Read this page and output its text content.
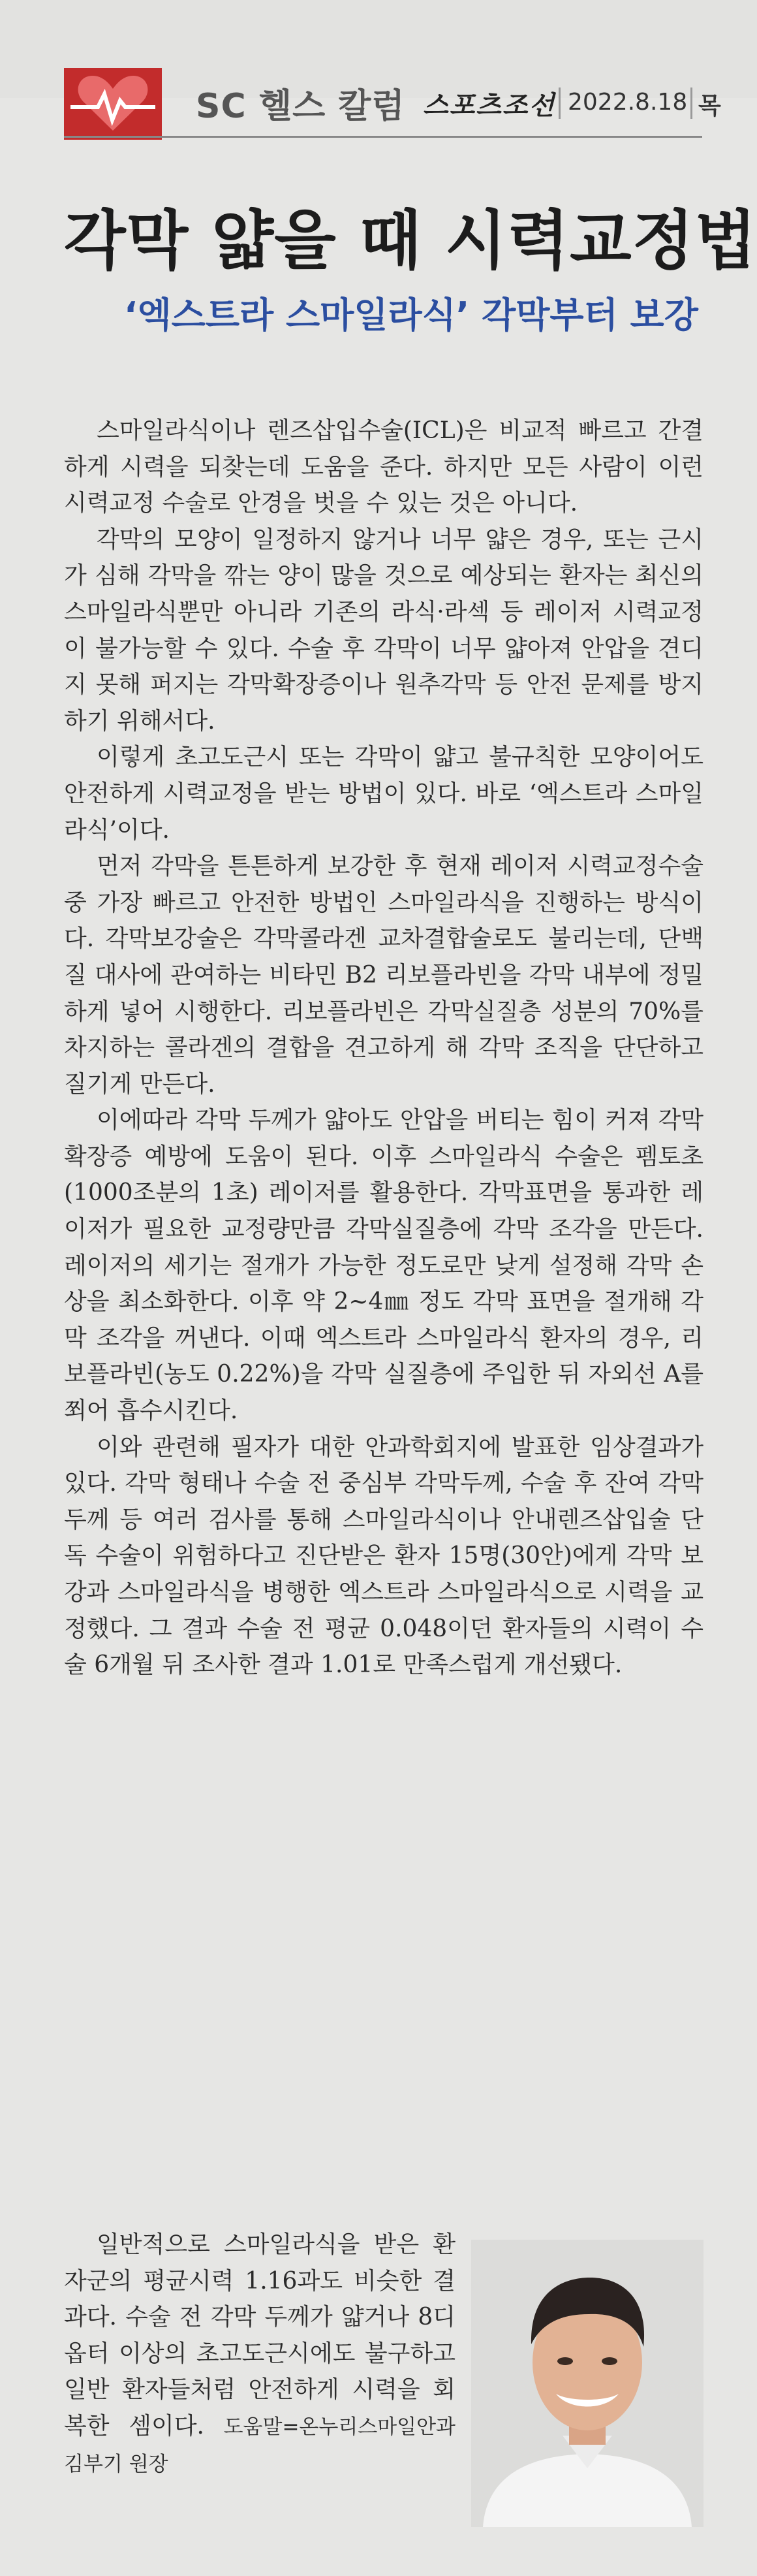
SC 헬스 칼럼 스포츠조선 2022.8.18 목
각막 얇을 때 시력교정법
‘엑스트라 스마일라식’ 각막부터 보강

스마일라식이나 렌즈삽입수술(ICL)은 비교적 빠르고 간결하게 시력을 되찾는데 도움을 준다. 하지만 모든 사람이 이런 시력교정 수술로 안경을 벗을 수 있는 것은 아니다.

각막의 모양이 일정하지 않거나 너무 얇은 경우, 또는 근시가 심해 각막을 깎는 양이 많을 것으로 예상되는 환자는 최신의 스마일라식뿐만 아니라 기존의 라식·라섹 등 레이저 시력교정이 불가능할 수 있다. 수술 후 각막이 너무 얇아져 안압을 견디지 못해 퍼지는 각막확장증이나 원추각막 등 안전 문제를 방지하기 위해서다.

이렇게 초고도근시 또는 각막이 얇고 불규칙한 모양이어도 안전하게 시력교정을 받는 방법이 있다. 바로 ‘엑스트라 스마일라식’이다.

먼저 각막을 튼튼하게 보강한 후 현재 레이저 시력교정수술 중 가장 빠르고 안전한 방법인 스마일라식을 진행하는 방식이다. 각막보강술은 각막콜라겐 교차결합술로도 불리는데, 단백질 대사에 관여하는 비타민 B2 리보플라빈을 각막 내부에 정밀하게 넣어 시행한다. 리보플라빈은 각막실질층 성분의 70%를 차지하는 콜라겐의 결합을 견고하게 해 각막 조직을 단단하고 질기게 만든다.

이에따라 각막 두께가 얇아도 안압을 버티는 힘이 커져 각막 확장증 예방에 도움이 된다. 이후 스마일라식 수술은 펨토초(1000조분의 1초) 레이저를 활용한다. 각막표면을 통과한 레이저가 필요한 교정량만큼 각막실질층에 각막 조각을 만든다. 레이저의 세기는 절개가 가능한 정도로만 낮게 설정해 각막 손상을 최소화한다. 이후 약 2~4㎜ 정도 각막 표면을 절개해 각막 조각을 꺼낸다. 이때 엑스트라 스마일라식 환자의 경우, 리보플라빈(농도 0.22%)을 각막 실질층에 주입한 뒤 자외선 A를 쬐어 흡수시킨다.

이와 관련해 필자가 대한 안과학회지에 발표한 임상결과가 있다. 각막 형태나 수술 전 중심부 각막두께, 수술 후 잔여 각막 두께 등 여러 검사를 통해 스마일라식이나 안내렌즈삽입술 단독 수술이 위험하다고 진단받은 환자 15명(30안)에게 각막 보강과 스마일라식을 병행한 엑스트라 스마일라식으로 시력을 교정했다. 그 결과 수술 전 평균 0.048이던 환자들의 시력이 수술 6개월 뒤 조사한 결과 1.01로 만족스럽게 개선됐다.

일반적으로 스마일라식을 받은 환자군의 평균시력 1.16과도 비슷한 결과다. 수술 전 각막 두께가 얇거나 8디옵터 이상의 초고도근시에도 불구하고 일반 환자들처럼 안전하게 시력을 회복한 셈이다. 도움말=온누리스마일안과 김부기 원장
